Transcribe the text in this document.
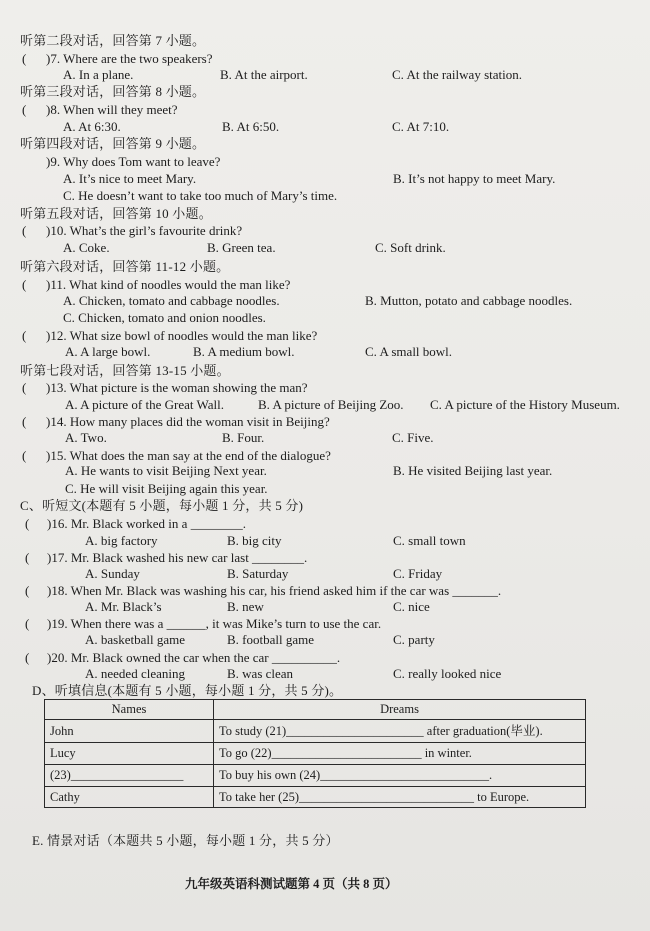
听第二段对话，回答第 7 小题。
( )7. Where are the two speakers?
A. In a plane.	B. At the airport.	C. At the railway station.
听第三段对话，回答第 8 小题。
( )8. When will they meet?
A. At 6:30.	B. At 6:50.	C. At 7:10.
听第四段对话，回答第 9 小题。
)9. Why does Tom want to leave?
A. It’s nice to meet Mary.	B. It’s not happy to meet Mary.
C. He doesn’t want to take too much of Mary’s time.
听第五段对话，回答第 10 小题。
( )10. What’s the girl’s favourite drink?
A. Coke.	B. Green tea.	C. Soft drink.
听第六段对话，回答第 11-12 小题。
( )11. What kind of noodles would the man like?
A. Chicken, tomato and cabbage noodles.	B. Mutton, potato and cabbage noodles.
C. Chicken, tomato and onion noodles.
( )12. What size bowl of noodles would the man like?
A. A large bowl.	B. A medium bowl.	C. A small bowl.
听第七段对话，回答第 13-15 小题。
( )13. What picture is the woman showing the man?
A. A picture of the Great Wall.	B. A picture of Beijing Zoo. C. A picture of the History Museum.
( )14. How many places did the woman visit in Beijing?
A. Two.	B. Four.	C. Five.
( )15. What does the man say at the end of the dialogue?
A. He wants to visit Beijing Next year.	B. He visited Beijing last year.
C. He will visit Beijing again this year.
C、听短文(本题有 5 小题，每小题 1 分，共 5 分)
( )16. Mr. Black worked in a ________.
A. big factory	B. big city	C. small town
( )17. Mr. Black washed his new car last ________.
A. Sunday	B. Saturday	C. Friday
( )18. When Mr. Black was washing his car, his friend asked him if the car was _______.
A. Mr. Black’s	B. new	C. nice
( )19. When there was a ______, it was Mike’s turn to use the car.
A. basketball game	B. football game	C. party
( )20. Mr. Black owned the car when the car __________.
A. needed cleaning	B. was clean	C. really looked nice
D、听填信息(本题有 5 小题，每小题 1 分，共 5 分)。
Names	Dreams
John	To study (21)______________________ after graduation(毕业).
Lucy	To go (22)________________________ in winter.
(23)__________________	To buy his own (24)___________________________.
Cathy	To take her (25)____________________________ to Europe.
E. 情景对话（本题共 5 小题，每小题 1 分，共 5 分）
九年级英语科测试题第 4 页（共 8 页）
